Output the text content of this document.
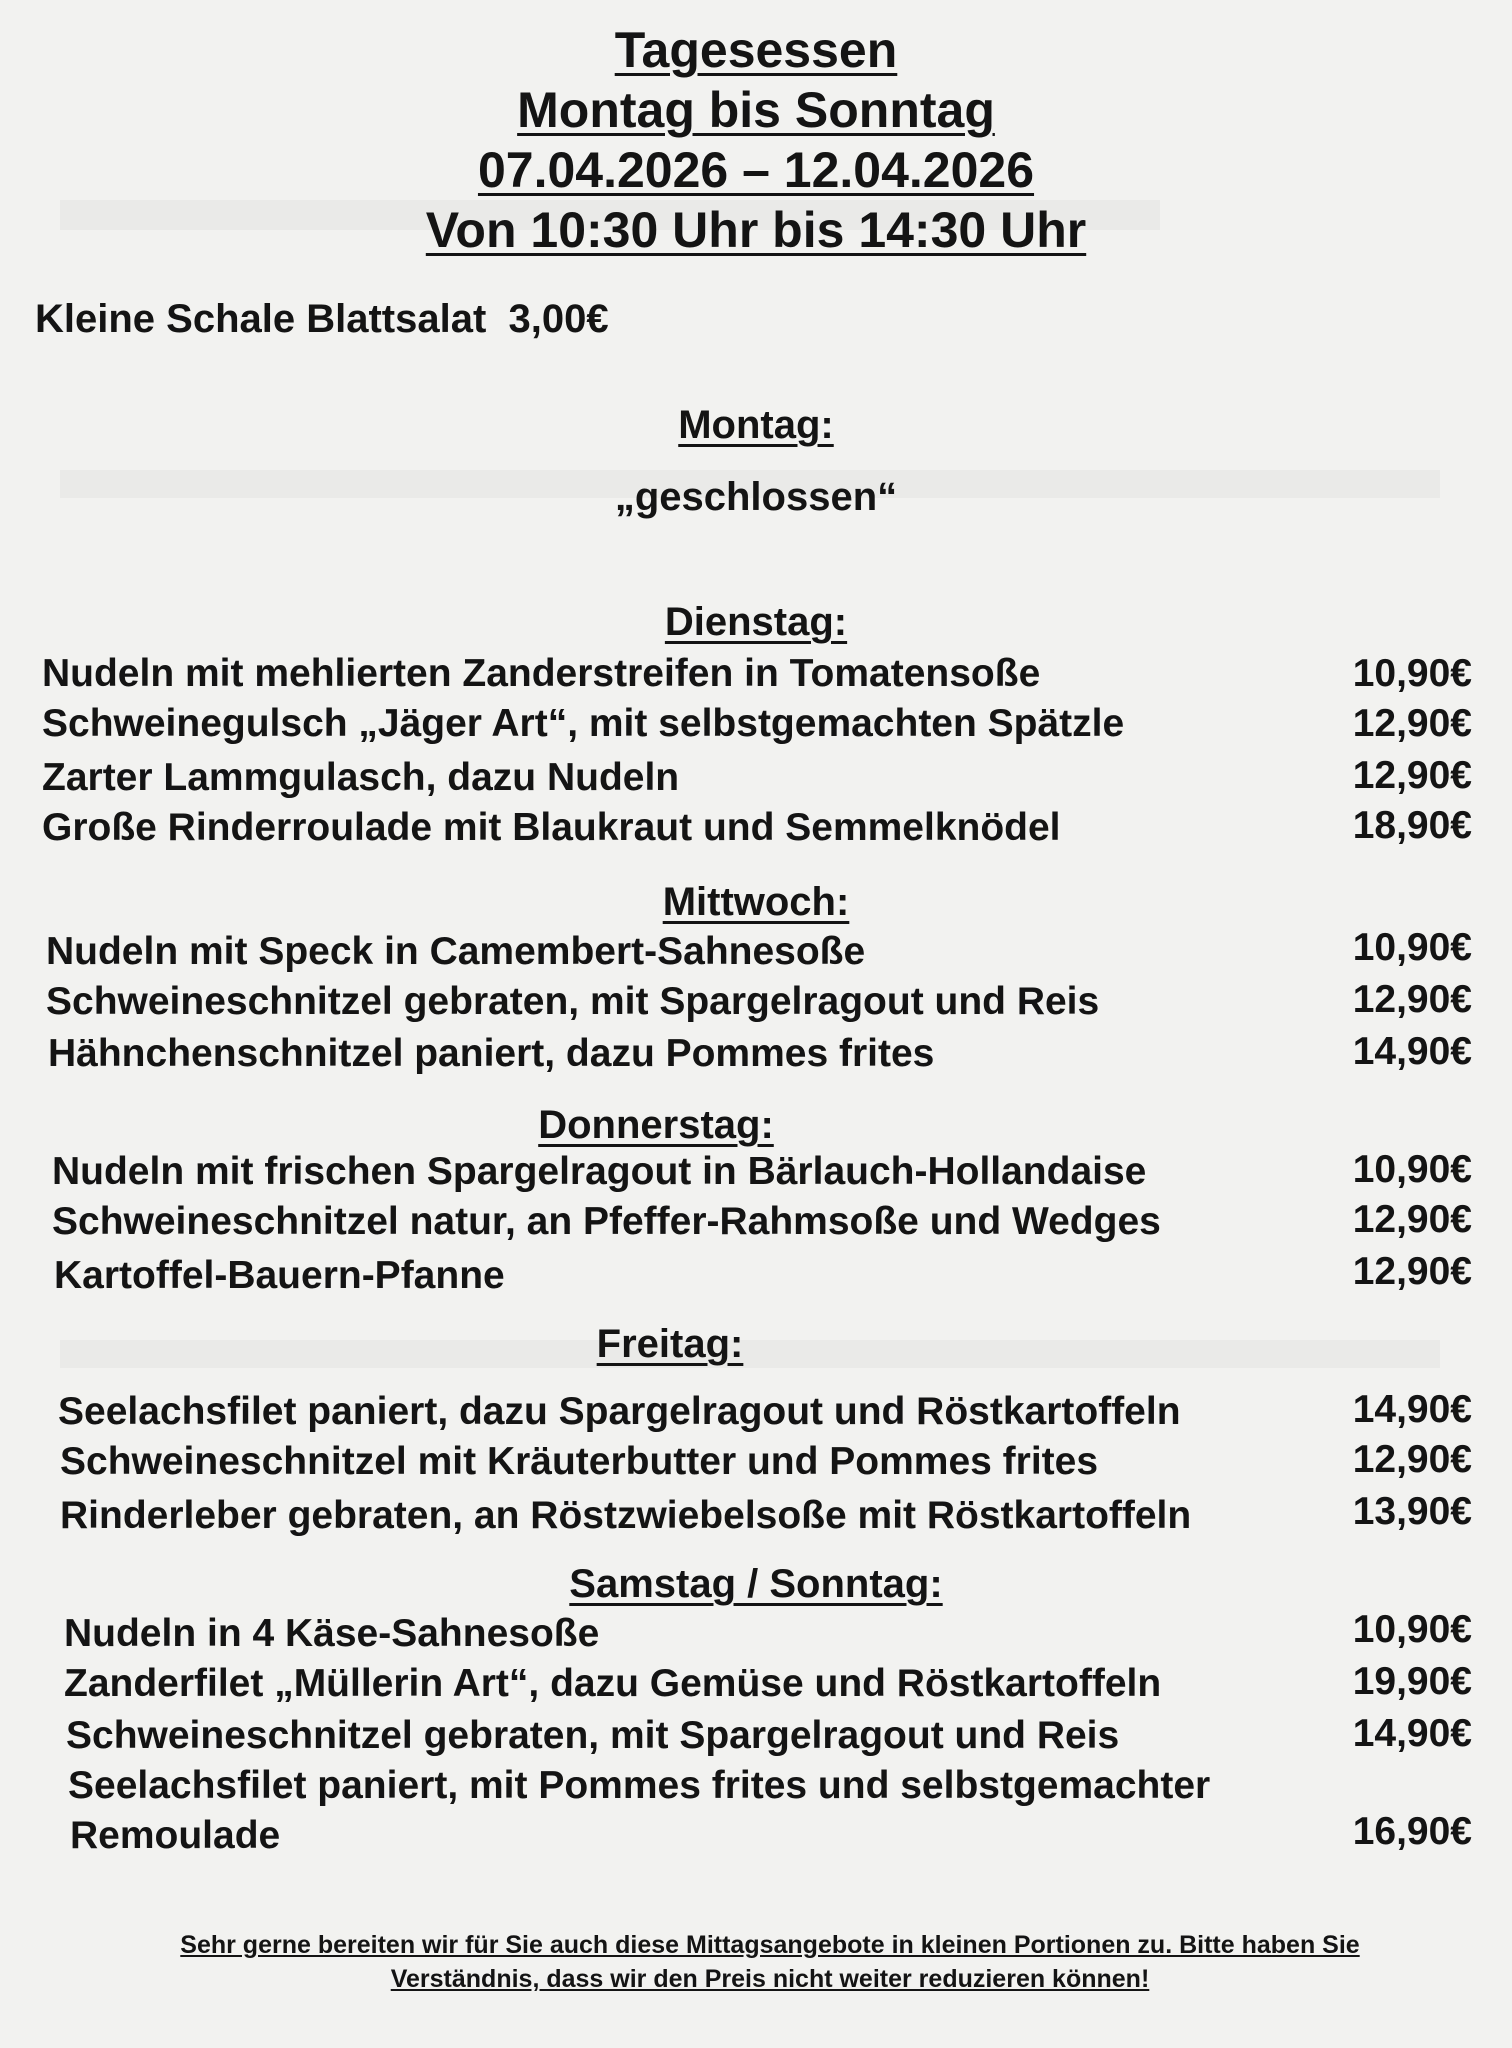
Tagesessen
Montag bis Sonntag
07.04.2026 – 12.04.2026
Von 10:30 Uhr bis 14:30 Uhr
Kleine Schale Blattsalat  3,00€
Montag:
„geschlossen“
Dienstag:
Nudeln mit mehlierten Zanderstreifen in Tomatensoße	10,90€
Schweinegulsch „Jäger Art“, mit selbstgemachten Spätzle	12,90€
Zarter Lammgulasch, dazu Nudeln	12,90€
Große Rinderroulade mit Blaukraut und Semmelknödel	18,90€
Mittwoch:
Nudeln mit Speck in Camembert-Sahnesoße	10,90€
Schweineschnitzel gebraten, mit Spargelragout und Reis	12,90€
Hähnchenschnitzel paniert, dazu Pommes frites	14,90€
Donnerstag:
Nudeln mit frischen Spargelragout in Bärlauch-Hollandaise	10,90€
Schweineschnitzel natur, an Pfeffer-Rahmsoße und Wedges	12,90€
Kartoffel-Bauern-Pfanne	12,90€
Freitag:
Seelachsfilet paniert, dazu Spargelragout und Röstkartoffeln	14,90€
Schweineschnitzel mit Kräuterbutter und Pommes frites	12,90€
Rinderleber gebraten, an Röstzwiebelsoße mit Röstkartoffeln	13,90€
Samstag / Sonntag:
Nudeln in 4 Käse-Sahnesoße	10,90€
Zanderfilet „Müllerin Art“, dazu Gemüse und Röstkartoffeln	19,90€
Schweineschnitzel gebraten, mit Spargelragout und Reis	14,90€
Seelachsfilet paniert, mit Pommes frites und selbstgemachter
Remoulade	16,90€
Sehr gerne bereiten wir für Sie auch diese Mittagsangebote in kleinen Portionen zu. Bitte haben Sie
Verständnis, dass wir den Preis nicht weiter reduzieren können!
